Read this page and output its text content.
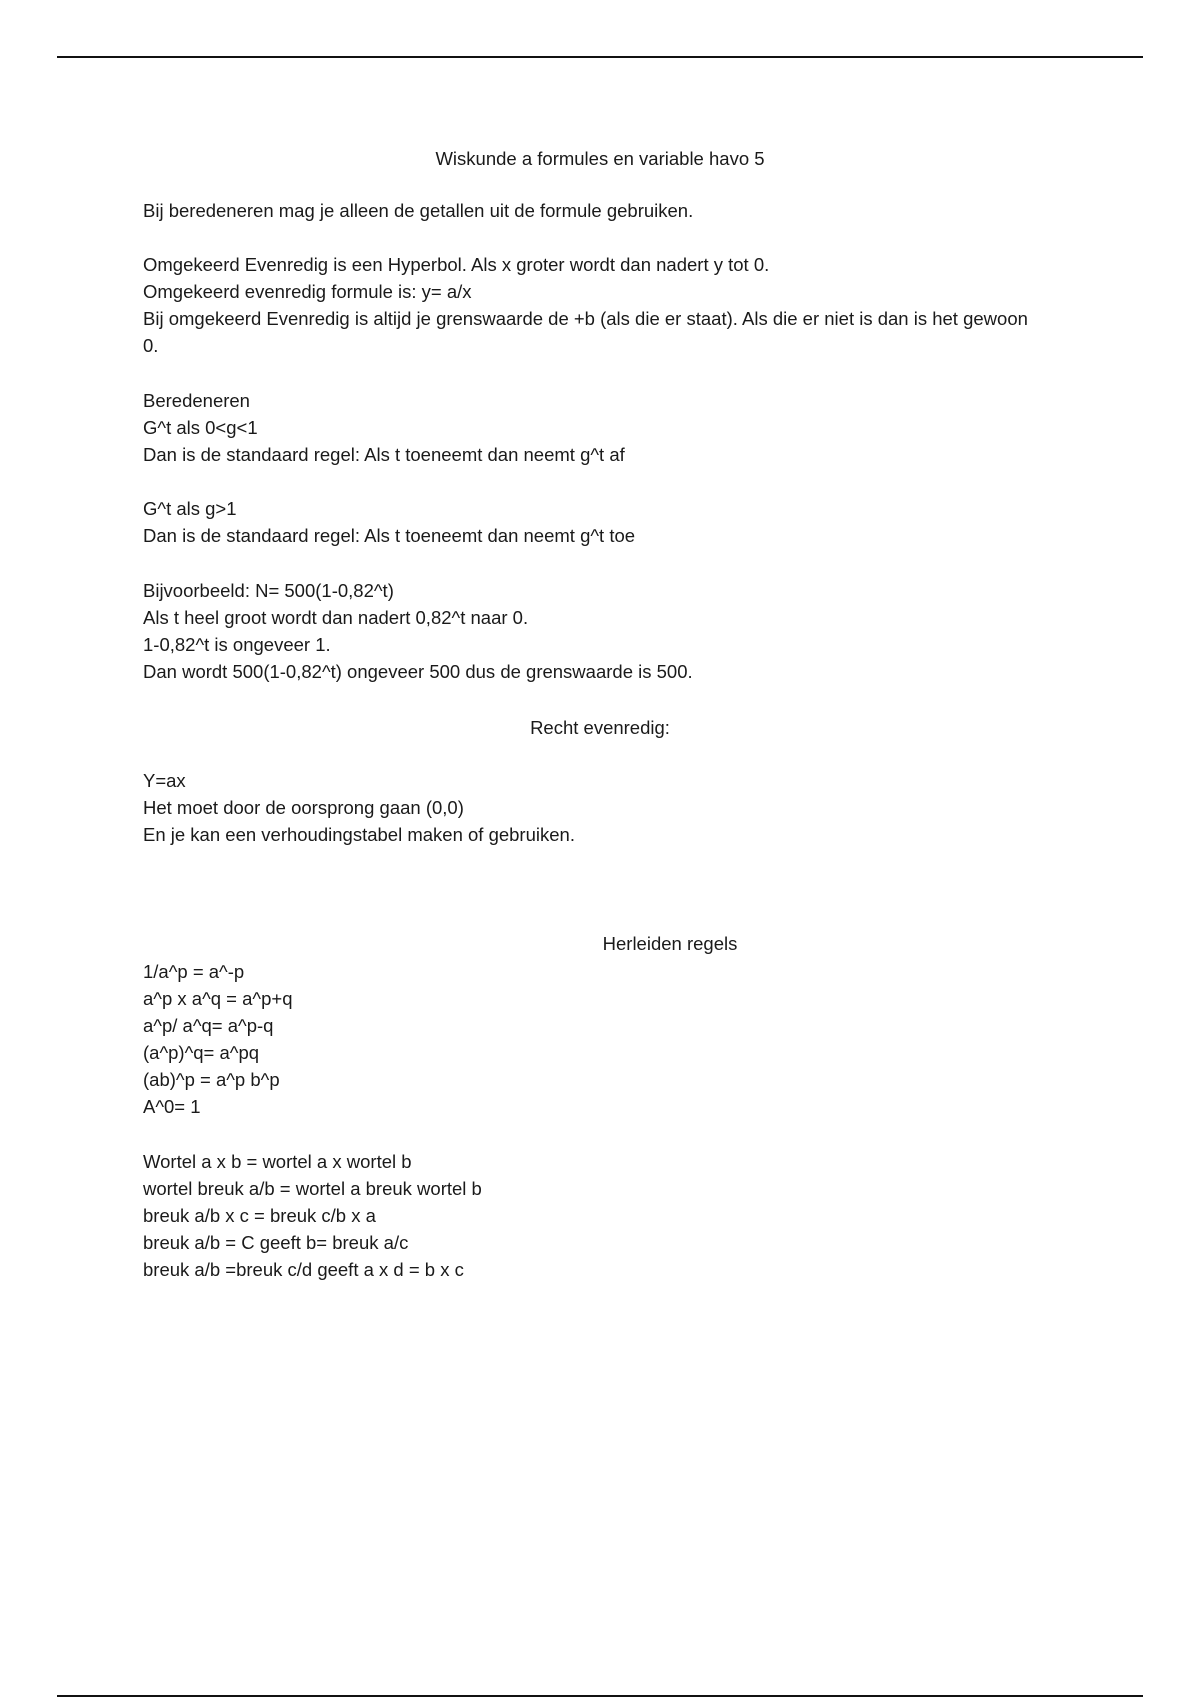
Wiskunde a formules en variable havo 5
Bij beredeneren mag je alleen de getallen uit de formule gebruiken.
Omgekeerd Evenredig is een Hyperbol. Als x groter wordt dan nadert y tot 0.
Omgekeerd evenredig formule is: y= a/x
Bij omgekeerd Evenredig is altijd je grenswaarde de +b (als die er staat). Als die er niet is dan is het gewoon 0.
Beredeneren
G^t als 0<g<1
Dan is de standaard regel: Als t toeneemt dan neemt g^t af
G^t als g>1
Dan is de standaard regel: Als t toeneemt dan neemt g^t toe
Bijvoorbeeld: N= 500(1-0,82^t)
Als t heel groot wordt dan nadert 0,82^t naar 0.
1-0,82^t is ongeveer 1.
Dan wordt 500(1-0,82^t) ongeveer 500 dus de grenswaarde is 500.
Recht evenredig:
Y=ax
Het moet door de oorsprong gaan (0,0)
En je kan een verhoudingstabel maken of gebruiken.
Herleiden regels
1/a^p = a^-p
a^p x a^q = a^p+q
a^p/ a^q= a^p-q
(a^p)^q= a^pq
(ab)^p = a^p b^p
A^0= 1
Wortel a x b = wortel a x wortel b
wortel breuk a/b = wortel a breuk wortel b
breuk a/b x c = breuk c/b x a
breuk a/b = C geeft b= breuk a/c
breuk a/b =breuk c/d geeft a x d = b x c
